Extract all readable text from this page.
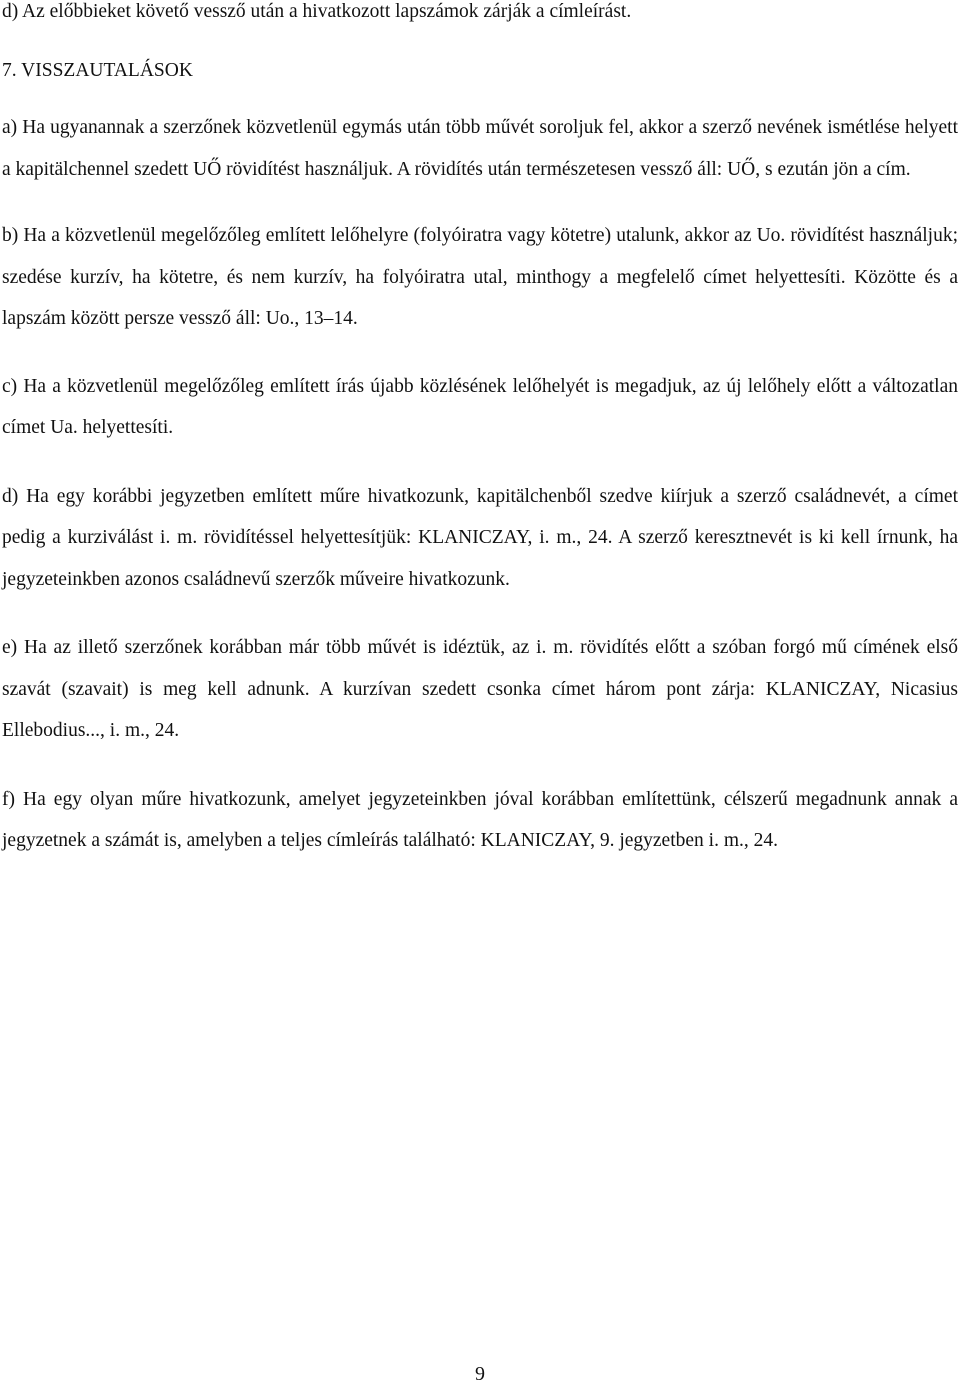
d) Az előbbieket követő vessző után a hivatkozott lapszámok zárják a címleírást.

7. VISSZAUTALÁSOK

a) Ha ugyanannak a szerzőnek közvetlenül egymás után több művét soroljuk fel, akkor a szerző nevének ismétlése helyett a kapitälchennel szedett UŐ rövidítést használjuk. A rövidítés után természetesen vessző áll: UŐ, s ezután jön a cím.

b) Ha a közvetlenül megelőzőleg említett lelőhelyre (folyóiratra vagy kötetre) utalunk, akkor az Uo. rövidítést használjuk; szedése kurzív, ha kötetre, és nem kurzív, ha folyóiratra utal, minthogy a megfelelő címet helyettesíti. Közötte és a lapszám között persze vessző áll: Uo., 13–14.

c) Ha a közvetlenül megelőzőleg említett írás újabb közlésének lelőhelyét is megadjuk, az új lelőhely előtt a változatlan címet Ua. helyettesíti.

d) Ha egy korábbi jegyzetben említett műre hivatkozunk, kapitälchenből szedve kiírjuk a szerző családnevét, a címet pedig a kurziválást i. m. rövidítéssel helyettesítjük: KLANICZAY, i. m., 24. A szerző keresztnevét is ki kell írnunk, ha jegyzeteinkben azonos családnevű szerzők műveire hivatkozunk.

e) Ha az illető szerzőnek korábban már több művét is idéztük, az i. m. rövidítés előtt a szóban forgó mű címének első szavát (szavait) is meg kell adnunk. A kurzívan szedett csonka címet három pont zárja: KLANICZAY, Nicasius Ellebodius..., i. m., 24.

f) Ha egy olyan műre hivatkozunk, amelyet jegyzeteinkben jóval korábban említettünk, célszerű megadnunk annak a jegyzetnek a számát is, amelyben a teljes címleírás található: KLANICZAY, 9. jegyzetben i. m., 24.

9
